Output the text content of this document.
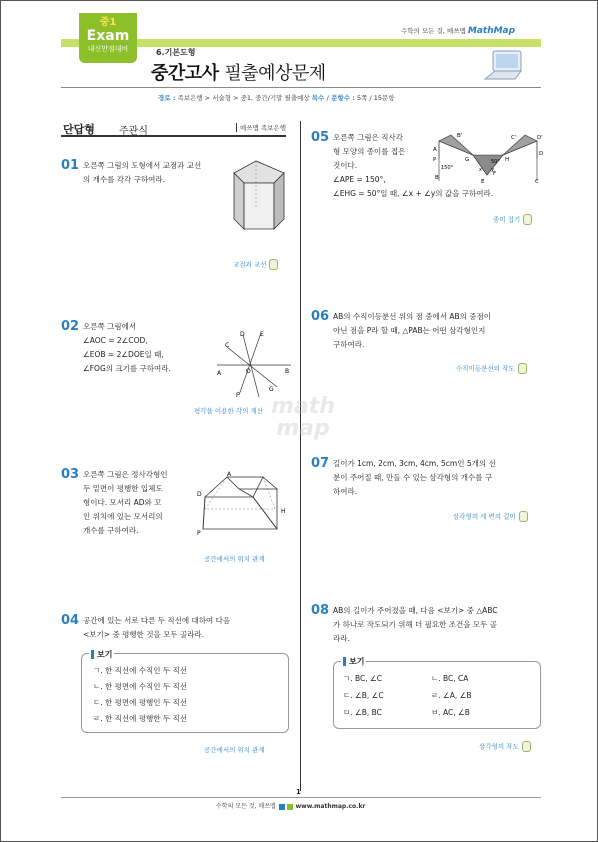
중1
Exam
내신만점대비	6.기본도형
중간고사 필출예상문제
수학의 모든 것, 매쓰맵 MathMap
경로 : 족보은행 > 서술형 > 중1, 중간/기말 필출예상 목수 / 문항수 : 5쪽 / 15문항
단답형 주관식	매쓰맵 족보은행
01 오른쪽 그림의 도형에서 교점과 교선
의 개수를 각각 구하여라.
교점과 교선
02 오른쪽 그림에서
∠AOC = 2∠COD,
∠EOB = 2∠DOE일 때,
∠FOG의 크기를 구하여라.
A	B
C
D	E
F
G
O
평각을 이용한 각의 계산
03 오른쪽 그림은 정사각형인
두 밑면이 평행한 입체도
형이다. 모서리 AD와 꼬
인 위치에 있는 모서리의
개수를 구하여라.
A
D
H
P
공간에서의 위치 관계
04 공간에 있는 서로 다른 두 직선에 대하여 다음
<보기> 중 평행한 것을 모두 골라라.
보기
ㄱ. 한 직선에 수직인 두 직선
ㄴ. 한 평면에 수직인 두 직선
ㄷ. 한 평면에 평행인 두 직선
ㄹ. 한 직선에 평행한 두 직선
공간에서의 위치 관계
05 오른쪽 그림은 직사각
형 모양의 종이를 접은
것이다.
∠APE = 150°,
∠EHG = 50°일 때, ∠x + ∠y의 값을 구하여라.
A
P
B
B'	C'	D'
D
C
E
G	H
F
x y
150°
50°
종이 접기
06 AB의 수직이등분선 위의 점 중에서 AB의 중점이
아닌 점을 P라 할 때, △PAB는 어떤 삼각형인지
구하여라.
수직이등분선의 작도
07 길이가 1cm, 2cm, 3cm, 4cm, 5cm인 5개의 선
분이 주어질 때, 만들 수 있는 삼각형의 개수를 구
하여라.
삼각형의 세 변의 길이
08 AB의 길이가 주어졌을 때, 다음 <보기> 중 △ABC
가 하나로 작도되기 위해 더 필요한 조건을 모두 골
라라.
보기
ㄱ. BC, ∠C	ㄴ. BC, CA
ㄷ. ∠B, ∠C	ㄹ. ∠A, ∠B
ㅁ. ∠B, BC	ㅂ. AC, ∠B
삼각형의 작도
math
map
1
수학의 모든 것, 매쓰맵	www.mathmap.co.kr
